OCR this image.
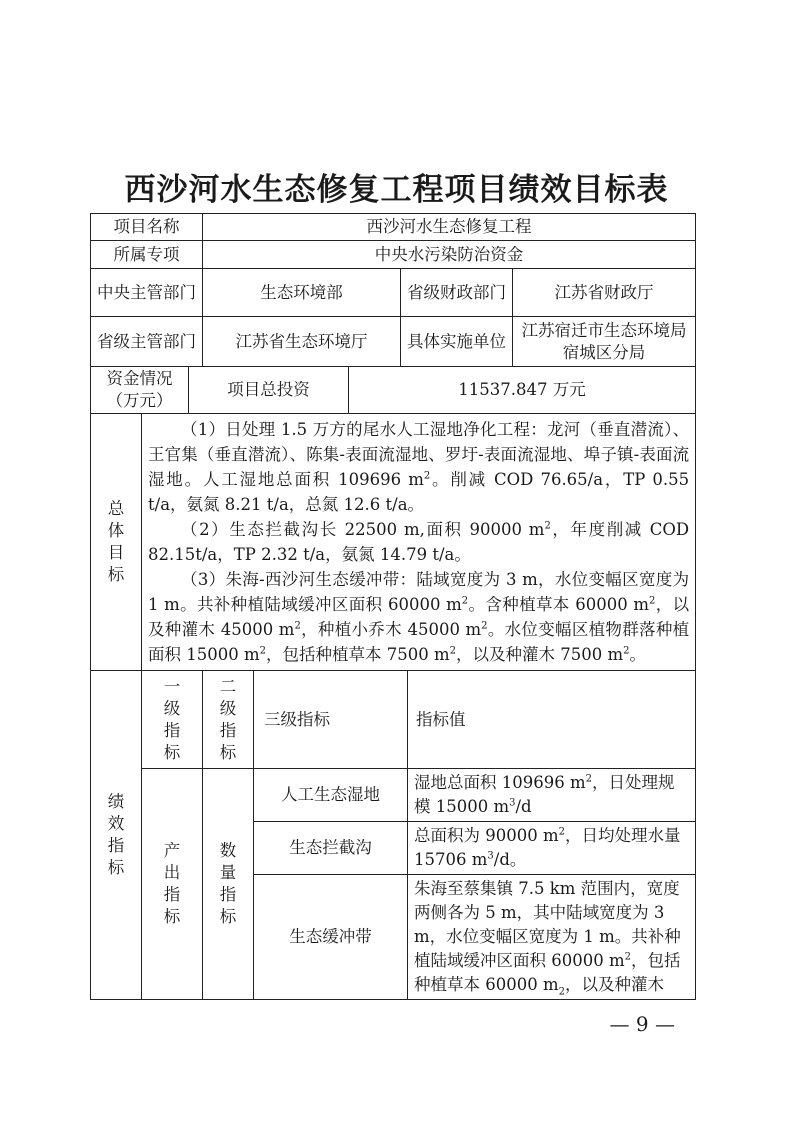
西沙河水生态修复工程项目绩效目标表
项目名称			西沙河水生态修复工程					
所属专项			中央水污染防治资金					
中央主管部门			生态环境部			省级财政部门		江苏省财政厅
省级主管部门			江苏省生态环境厅			具体实施单位		江苏宿迁市生态环境局宿城区分局
资金情况（万元）		项目总投资			11537.847 万元			
总体目标	（1）日处理 1.5 万方的尾水人工湿地净化工程：龙河（垂直潜流）、王官集（垂直潜流）、陈集-表面流湿地、罗圩-表面流湿地、埠子镇-表面流湿地。人工湿地总面积 109696 $m^2$。削减 COD 76.65/a，TP 0.55 t/a，氨氮 8.21 t/a，总氮 12.6 t/a。

（2）生态拦截沟长 22500 m,面积 90000 $m^2$，年度削减 COD 82.15t/a，TP 2.32 t/a，氨氮 14.79 t/a。

（3）朱海-西沙河生态缓冲带：陆域宽度为 3 m，水位变幅区宽度为 1 m。共补种植陆域缓冲区面积 60000 $m^2$。含种植草本 60000 $m^2$，以及种灌木 45000 $m^2$，种植小乔木 45000 $m^2$。水位变幅区植物群落种植面积 15000 $m^2$，包括种植草本 7500 $m^2$，以及种灌木 7500 $m^2$。							

绩效指标	一级指标		二级指标	三级指标			指标值	
	产出指标		数量指标	人工生态湿地			湿地总面积 109696 $m^2$，日处理规模 15000 $m^3/d$	
				生态拦截沟			总面积为 90000 $m^2$，日均处理水量 15706 $m^3/d$。	
				生态缓冲带			朱海至蔡集镇 7.5 km 范围内，宽度两侧各为 5 m，其中陆域宽度为 3 m，水位变幅区宽度为 1 m。共补种植陆域缓冲区面积 60000 $m^2$，包括种植草本 60000 $m_2$，以及种灌木	
— 9 —
